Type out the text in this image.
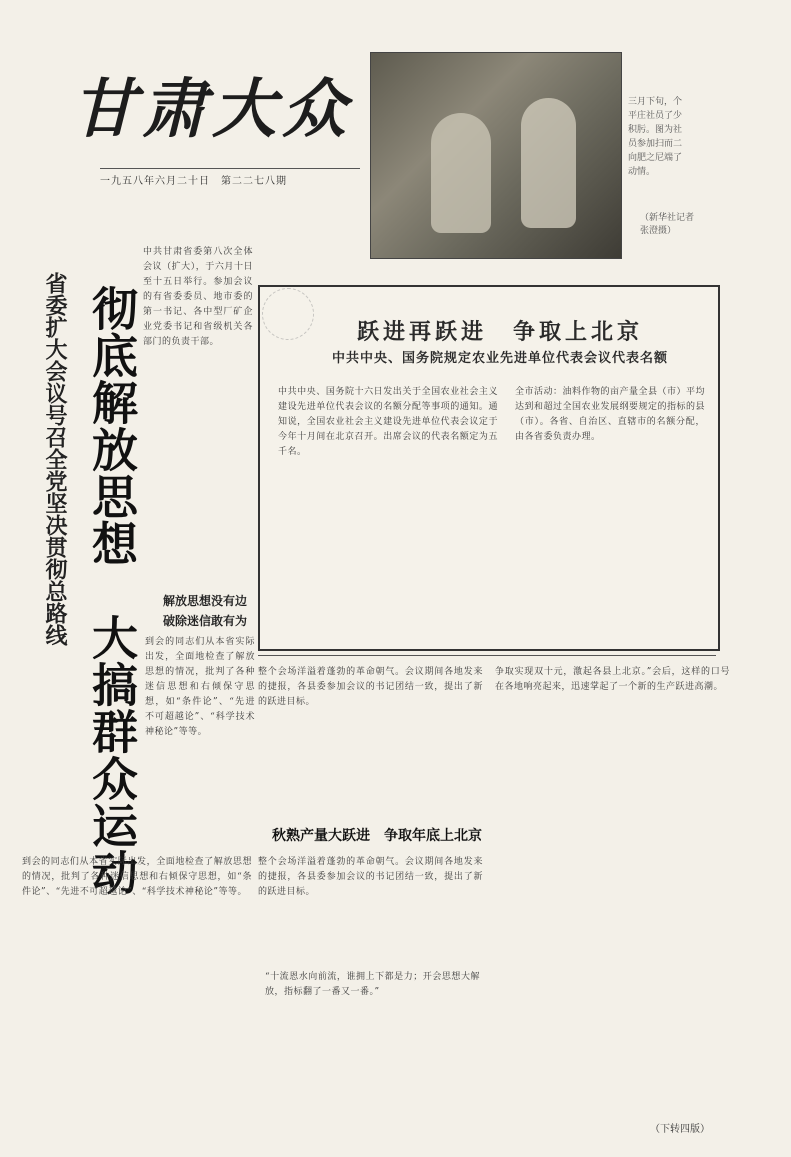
甘肃大众
一九五八年六月二十日　第二二七八期
三月下旬，个平庄社员了少积肟。图为社员参加扫而二向肥之尼端了动情。
（新华社记者张澄摄）
省委扩大会议号召全党坚决贯彻总路线 彻底解放思想　大搞群众运动
中共甘肃省委第八次全体会议（扩大），于六月十日至十五日举行。参加会议的有省委委员、地市委的第一书记、各中型厂矿企业党委书记和省级机关各部门的负责干部。
解放思想没有边
破除迷信敢有为
到会的同志们从本省实际出发，全面地检查了解放思想的情况，批判了各种迷信思想和右倾保守思想，如“条件论”、“先进不可超越论”、“科学技术神秘论”等等。
跃进再跃进　争取上北京
中共中央、国务院规定农业先进单位代表会议代表名额
中共中央、国务院十六日发出关于全国农业社会主义建设先进单位代表会议的名额分配等事项的通知。通知说，全国农业社会主义建设先进单位代表会议定于今年十月间在北京召开。出席会议的代表名额定为五千名。
全市活动：油料作物的亩产量全县（市）平均达到和超过全国农业发展纲要规定的指标的县（市）。各省、自治区、直辖市的名额分配，由各省委负责办理。
整个会场洋溢着蓬勃的革命朝气。会议期间各地发来的捷报，各县委参加会议的书记团结一致，提出了新的跃进目标。
秋熟产量大跃进　争取年底上北京
整个会场洋溢着蓬勃的革命朝气。会议期间各地发来的捷报，各县委参加会议的书记团结一致，提出了新的跃进目标。
“十流恩水向前流，谁拥上下都是力；开会思想大解放，指标翻了一番又一番。”
到会的同志们从本省实际出发，全面地检查了解放思想的情况，批判了各种迷信思想和右倾保守思想，如“条件论”、“先进不可超越论”、“科学技术神秘论”等等。
争取实现双十元，激起各县上北京。”会后，这样的口号在各地响亮起来，迅速掌起了一个新的生产跃进高潮。
（下转四版）
